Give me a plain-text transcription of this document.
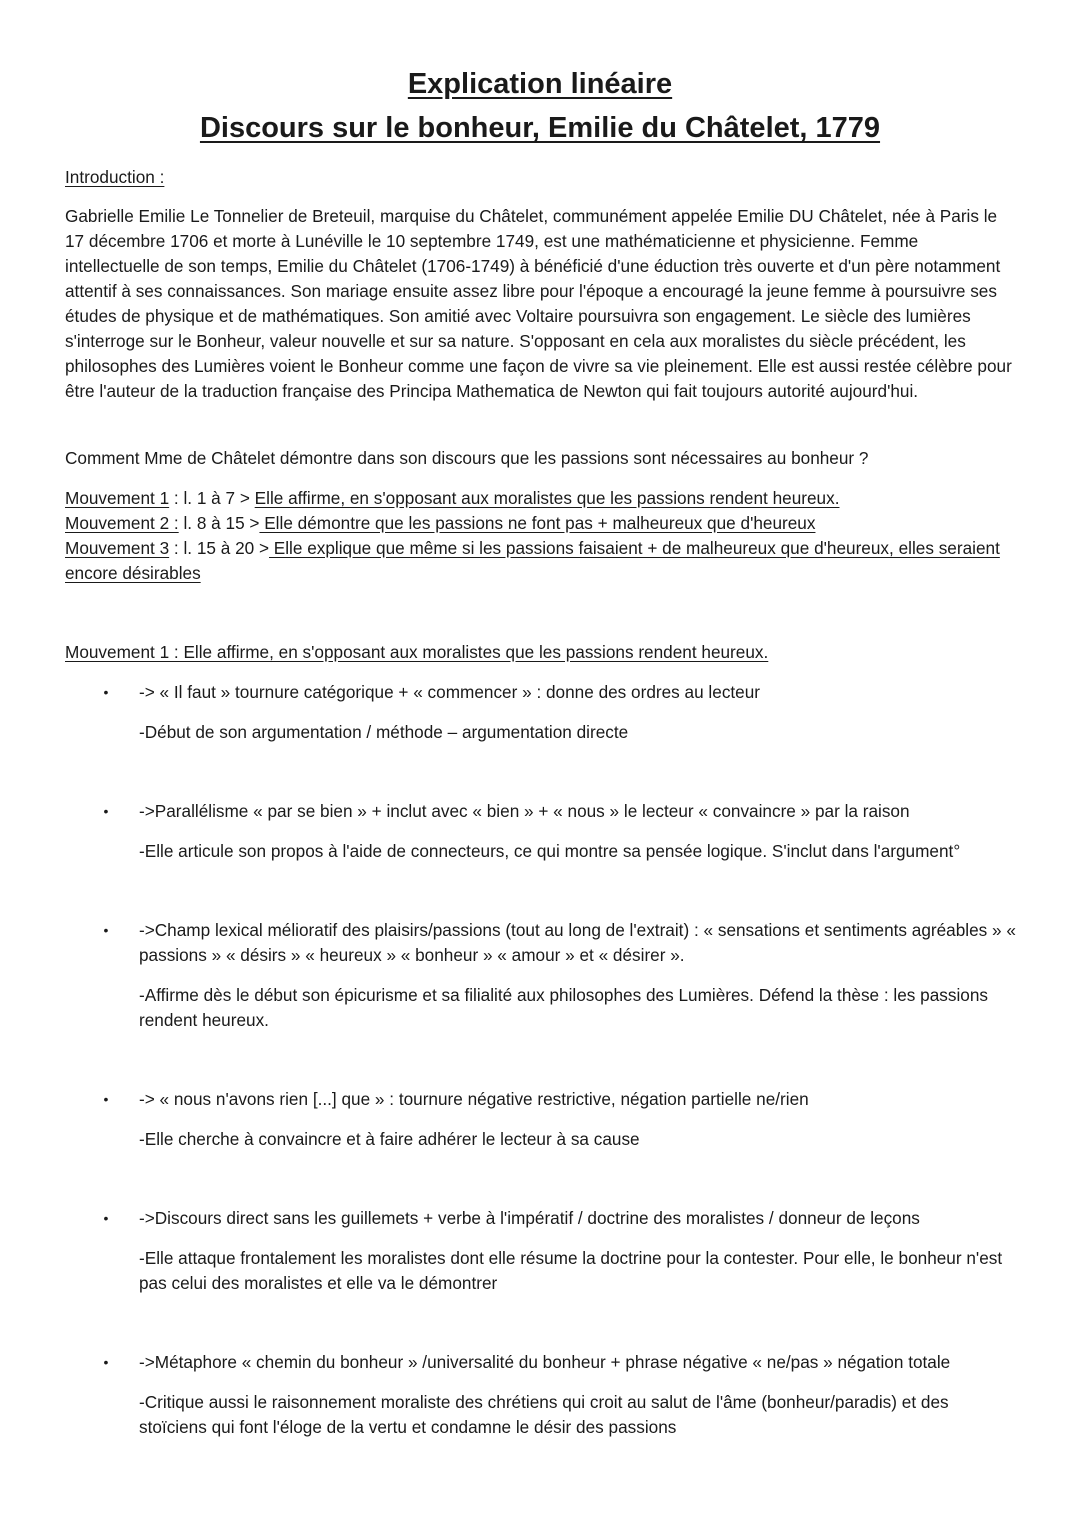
Explication linéaire
Discours sur le bonheur, Emilie du Châtelet, 1779

Introduction :

Gabrielle Emilie Le Tonnelier de Breteuil, marquise du Châtelet, communément appelée Emilie DU Châtelet, née à Paris le 17 décembre 1706 et morte à Lunéville le 10 septembre 1749, est une mathématicienne et physicienne. Femme intellectuelle de son temps, Emilie du Châtelet (1706-1749) à bénéficié d'une éduction très ouverte et d'un père notamment attentif à ses connaissances. Son mariage ensuite assez libre pour l'époque a encouragé la jeune femme à poursuivre ses études de physique et de mathématiques. Son amitié avec Voltaire poursuivra son engagement. Le siècle des lumières s'interroge sur le Bonheur, valeur nouvelle et sur sa nature. S'opposant en cela aux moralistes du siècle précédent, les philosophes des Lumières voient le Bonheur comme une façon de vivre sa vie pleinement. Elle est aussi restée célèbre pour être l'auteur de la traduction française des Principa Mathematica de Newton qui fait toujours autorité aujourd'hui.

Comment Mme de Châtelet démontre dans son discours que les passions sont nécessaires au bonheur ?

Mouvement 1 : l. 1 à 7 > Elle affirme, en s'opposant aux moralistes que les passions rendent heureux.
Mouvement 2 : l. 8 à 15 > Elle démontre que les passions ne font pas + malheureux que d'heureux
Mouvement 3 : l. 15 à 20 > Elle explique que même si les passions faisaient + de malheureux que d'heureux, elles seraient encore désirables

Mouvement 1 : Elle affirme, en s'opposant aux moralistes que les passions rendent heureux.

• -> « Il faut » tournure catégorique + « commencer » : donne des ordres au lecteur

-Début de son argumentation / méthode – argumentation directe

• ->Parallélisme « par se bien » + inclut avec « bien » + « nous » le lecteur « convaincre » par la raison

-Elle articule son propos à l'aide de connecteurs, ce qui montre sa pensée logique. S'inclut dans l'argument°

• ->Champ lexical mélioratif des plaisirs/passions (tout au long de l'extrait) : « sensations et sentiments agréables » « passions » « désirs » « heureux » « bonheur » « amour » et « désirer ».

-Affirme dès le début son épicurisme et sa filialité aux philosophes des Lumières. Défend la thèse : les passions rendent heureux.

• -> « nous n'avons rien [...] que » : tournure négative restrictive, négation partielle ne/rien

-Elle cherche à convaincre et à faire adhérer le lecteur à sa cause

• ->Discours direct sans les guillemets + verbe à l'impératif / doctrine des moralistes / donneur de leçons

-Elle attaque frontalement les moralistes dont elle résume la doctrine pour la contester. Pour elle, le bonheur n'est pas celui des moralistes et elle va le démontrer

• ->Métaphore « chemin du bonheur » /universalité du bonheur + phrase négative « ne/pas » négation totale

-Critique aussi le raisonnement moraliste des chrétiens qui croit au salut de l'âme (bonheur/paradis) et des stoïciens qui font l'éloge de la vertu et condamne le désir des passions
